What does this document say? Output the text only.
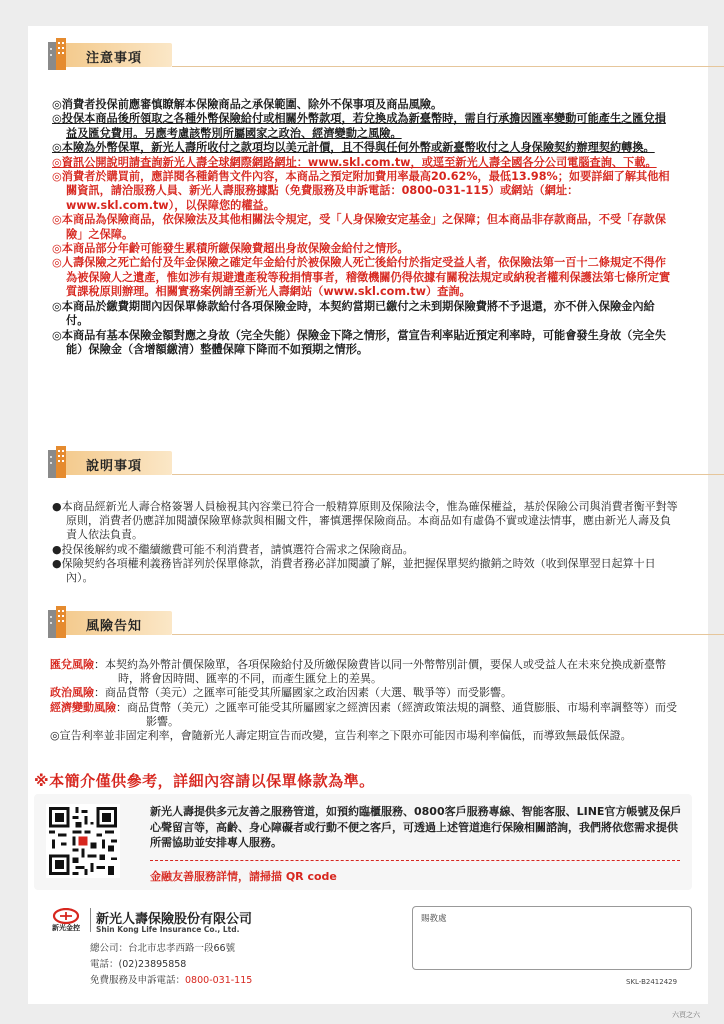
注意事項

◎消費者投保前應審慎瞭解本保險商品之承保範圍、除外不保事項及商品風險。

◎投保本商品後所領取之各種外幣保險給付或相關外幣款項，若兌換成為新臺幣時，需自行承擔因匯率變動可能產生之匯兌損益及匯兌費用。另應考慮該幣別所屬國家之政治、經濟變動之風險。

◎本險為外幣保單，新光人壽所收付之款項均以美元計價，且不得與任何外幣或新臺幣收付之人身保險契約辦理契約轉換。

◎資訊公開說明請查詢新光人壽全球網際網路網址：www.skl.com.tw，或逕至新光人壽全國各分公司電腦查詢、下載。

◎消費者於購買前，應詳閱各種銷售文件內容，本商品之預定附加費用率最高20.62%，最低13.98%；如要詳細了解其他相關資訊，請洽服務人員、新光人壽服務據點（免費服務及申訴電話：0800-031-115）或網站（網址：www.skl.com.tw），以保障您的權益。

◎本商品為保險商品，依保險法及其他相關法令規定，受「人身保險安定基金」之保障；但本商品非存款商品，不受「存款保險」之保障。

◎本商品部分年齡可能發生累積所繳保險費超出身故保險金給付之情形。

◎人壽保險之死亡給付及年金保險之確定年金給付於被保險人死亡後給付於指定受益人者，依保險法第一百十二條規定不得作為被保險人之遺產，惟如涉有規避遺產稅等稅捐情事者，稽徵機關仍得依據有關稅法規定或納稅者權利保護法第七條所定實質課稅原則辦理。相關實務案例請至新光人壽網站（www.skl.com.tw）查詢。

◎本商品於繳費期間內因保單條款給付各項保險金時，本契約當期已繳付之未到期保險費將不予退還，亦不併入保險金內給付。

◎本商品有基本保險金額對應之身故（完全失能）保險金下降之情形，當宣告利率貼近預定利率時，可能會發生身故（完全失能）保險金（含增額繳清）整體保障下降而不如預期之情形。

說明事項

●本商品經新光人壽合格簽署人員檢視其內容業已符合一般精算原則及保險法令，惟為確保權益，基於保險公司與消費者衡平對等原則，消費者仍應詳加閱讀保險單條款與相關文件，審慎選擇保險商品。本商品如有虛偽不實或違法情事，應由新光人壽及負責人依法負責。

●投保後解約或不繼續繳費可能不利消費者，請慎選符合需求之保險商品。

●保險契約各項權利義務皆詳列於保單條款，消費者務必詳加閱讀了解，並把握保單契約撤銷之時效（收到保單翌日起算十日內）。

風險告知

匯兌風險：本契約為外幣計價保險單，各項保險給付及所繳保險費皆以同一外幣幣別計價，要保人或受益人在未來兌換成新臺幣時，將會因時間、匯率的不同，而產生匯兌上的差異。

政治風險：商品貨幣（美元）之匯率可能受其所屬國家之政治因素（大選、戰爭等）而受影響。

經濟變動風險：商品貨幣（美元）之匯率可能受其所屬國家之經濟因素（經濟政策法規的調整、通貨膨脹、市場利率調整等）而受影響。

◎宣告利率並非固定利率，會隨新光人壽定期宣告而改變，宣告利率之下限亦可能因市場利率偏低，而導致無最低保證。

※本簡介僅供參考，詳細內容請以保單條款為準。
新光人壽提供多元友善之服務管道，如預約臨櫃服務、0800客戶服務專線、智能客服、LINE官方帳號及保戶心聲留言等，高齡、身心障礙者或行動不便之客戶，可透過上述管道進行保險相關諮詢，我們將依您需求提供所需協助並安排專人服務。
金融友善服務詳情，請掃描 QR code
新光金控
新光人壽保險股份有限公司
Shin Kong Life Insurance Co., Ltd.
總公司：台北市忠孝西路一段66號
電話：(02)23895858
免費服務及申訴電話：0800-031-115
賜教處
SKL-B2412429
六頁之六
